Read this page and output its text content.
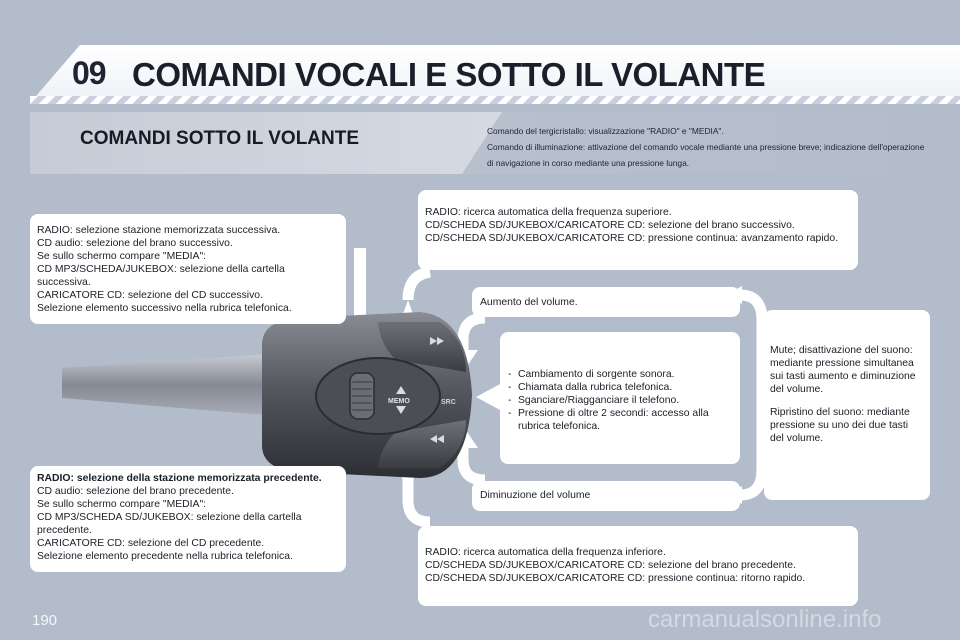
09 COMANDI VOCALI E SOTTO IL VOLANTE
COMANDI SOTTO IL VOLANTE	Comando del tergicristallo: visualizzazione "RADIO" e "MEDIA".
Comando di illuminazione: attivazione del comando vocale mediante una pressione breve; indicazione dell'operazione di navigazione in corso mediante una pressione lunga.
MEMO	SRC
RADIO: selezione stazione memorizzata successiva.
CD audio: selezione del brano successivo.
Se sullo schermo compare "MEDIA":
CD MP3/SCHEDA/JUKEBOX: selezione della cartella successiva.
CARICATORE CD: selezione del CD successivo.
Selezione elemento successivo nella rubrica telefonica.
RADIO: selezione della stazione memorizzata precedente.
CD audio: selezione del brano precedente.
Se sullo schermo compare "MEDIA":
CD MP3/SCHEDA SD/JUKEBOX: selezione della cartella precedente.
CARICATORE CD: selezione del CD precedente.
Selezione elemento precedente nella rubrica telefonica.
RADIO: ricerca automatica della frequenza superiore.
CD/SCHEDA SD/JUKEBOX/CARICATORE CD: selezione del brano successivo.
CD/SCHEDA SD/JUKEBOX/CARICATORE CD: pressione continua: avanzamento rapido.
Aumento del volume.
- Cambiamento di sorgente sonora.
- Chiamata dalla rubrica telefonica.
- Sganciare/Riagganciare il telefono.
- Pressione di oltre 2 secondi: accesso alla rubrica telefonica.
Diminuzione del volume
Mute; disattivazione del suono: mediante pressione simultanea sui tasti aumento e diminuzione del volume.
Ripristino del suono: mediante pressione su uno dei due tasti del volume.
RADIO: ricerca automatica della frequenza inferiore.
CD/SCHEDA SD/JUKEBOX/CARICATORE CD: selezione del brano precedente.
CD/SCHEDA SD/JUKEBOX/CARICATORE CD: pressione continua: ritorno rapido.
190	carmanualsonline.info
